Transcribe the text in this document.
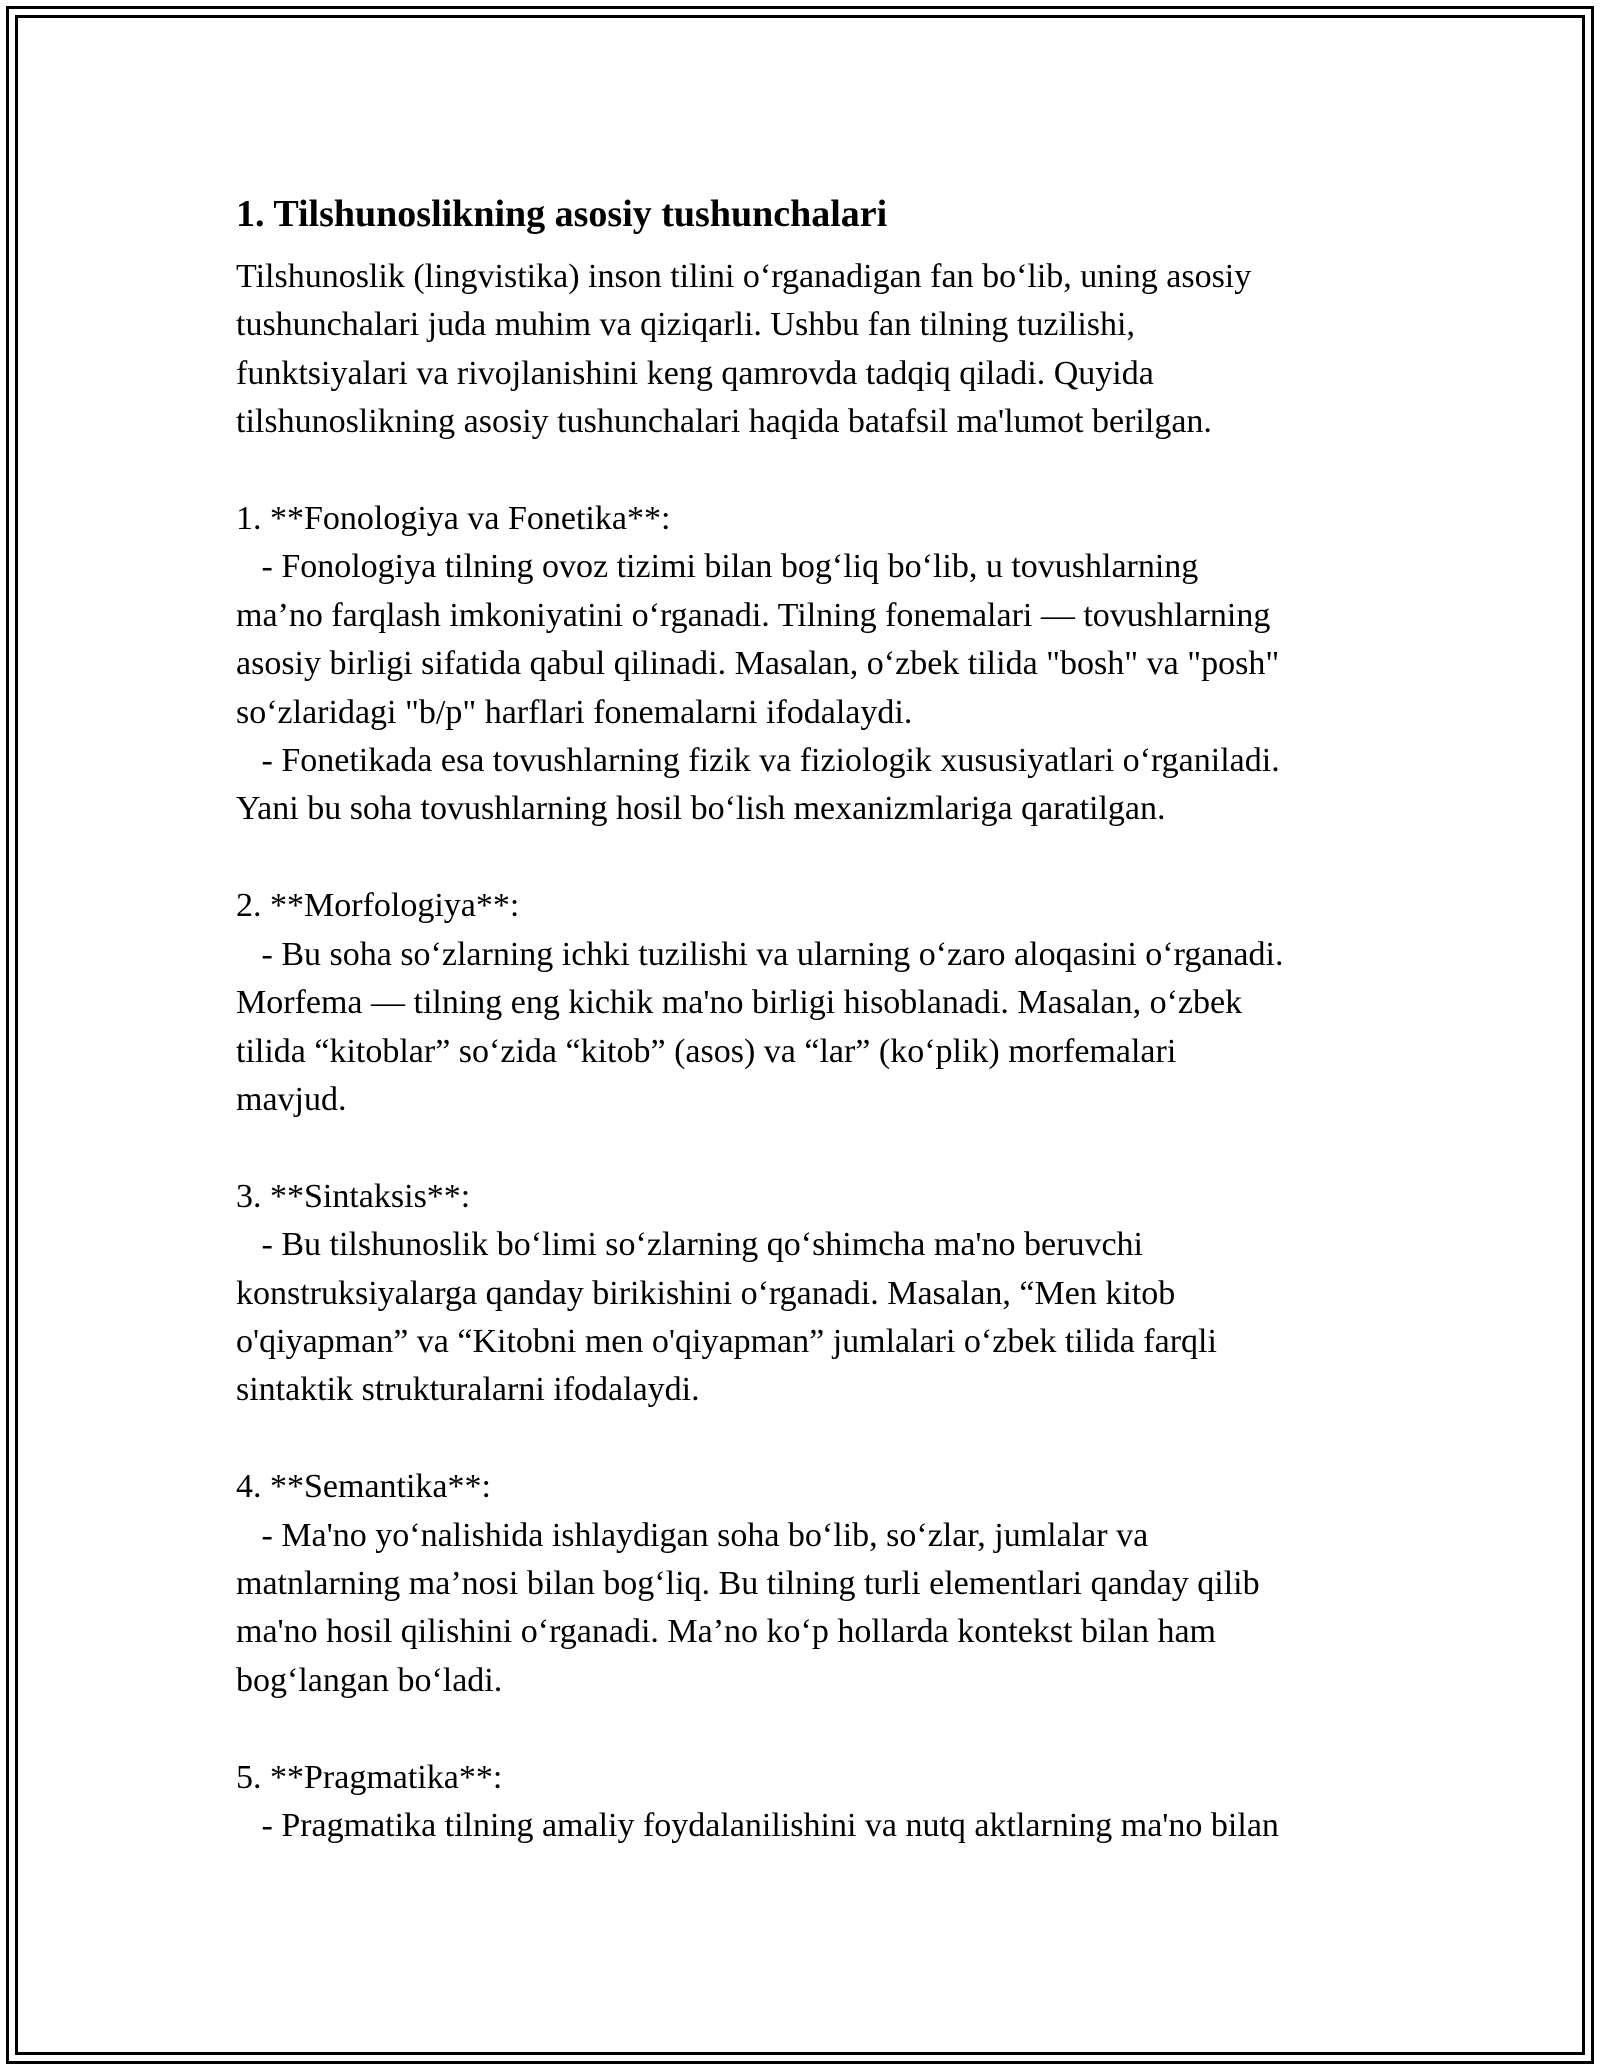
1. Tilshunoslikning asosiy tushunchalari

Tilshunoslik (lingvistika) inson tilini o‘rganadigan fan bo‘lib, uning asosiy
tushunchalari juda muhim va qiziqarli. Ushbu fan tilning tuzilishi,
funktsiyalari va rivojlanishini keng qamrovda tadqiq qiladi. Quyida
tilshunoslikning asosiy tushunchalari haqida batafsil ma'lumot berilgan.

1. **Fonologiya va Fonetika**:
- Fonologiya tilning ovoz tizimi bilan bog‘liq bo‘lib, u tovushlarning
ma’no farqlash imkoniyatini o‘rganadi. Tilning fonemalari — tovushlarning
asosiy birligi sifatida qabul qilinadi. Masalan, o‘zbek tilida "bosh" va "posh"
so‘zlaridagi "b/p" harflari fonemalarni ifodalaydi.
- Fonetikada esa tovushlarning fizik va fiziologik xususiyatlari o‘rganiladi.
Yani bu soha tovushlarning hosil bo‘lish mexanizmlariga qaratilgan.

2. **Morfologiya**:
- Bu soha so‘zlarning ichki tuzilishi va ularning o‘zaro aloqasini o‘rganadi.
Morfema — tilning eng kichik ma'no birligi hisoblanadi. Masalan, o‘zbek
tilida “kitoblar” so‘zida “kitob” (asos) va “lar” (ko‘plik) morfemalari
mavjud.

3. **Sintaksis**:
- Bu tilshunoslik bo‘limi so‘zlarning qo‘shimcha ma'no beruvchi
konstruksiyalarga qanday birikishini o‘rganadi. Masalan, “Men kitob
o'qiyapman” va “Kitobni men o'qiyapman” jumlalari o‘zbek tilida farqli
sintaktik strukturalarni ifodalaydi.

4. **Semantika**:
- Ma'no yo‘nalishida ishlaydigan soha bo‘lib, so‘zlar, jumlalar va
matnlarning ma’nosi bilan bog‘liq. Bu tilning turli elementlari qanday qilib
ma'no hosil qilishini o‘rganadi. Ma’no ko‘p hollarda kontekst bilan ham
bog‘langan bo‘ladi.

5. **Pragmatika**:
- Pragmatika tilning amaliy foydalanilishini va nutq aktlarning ma'no bilan
